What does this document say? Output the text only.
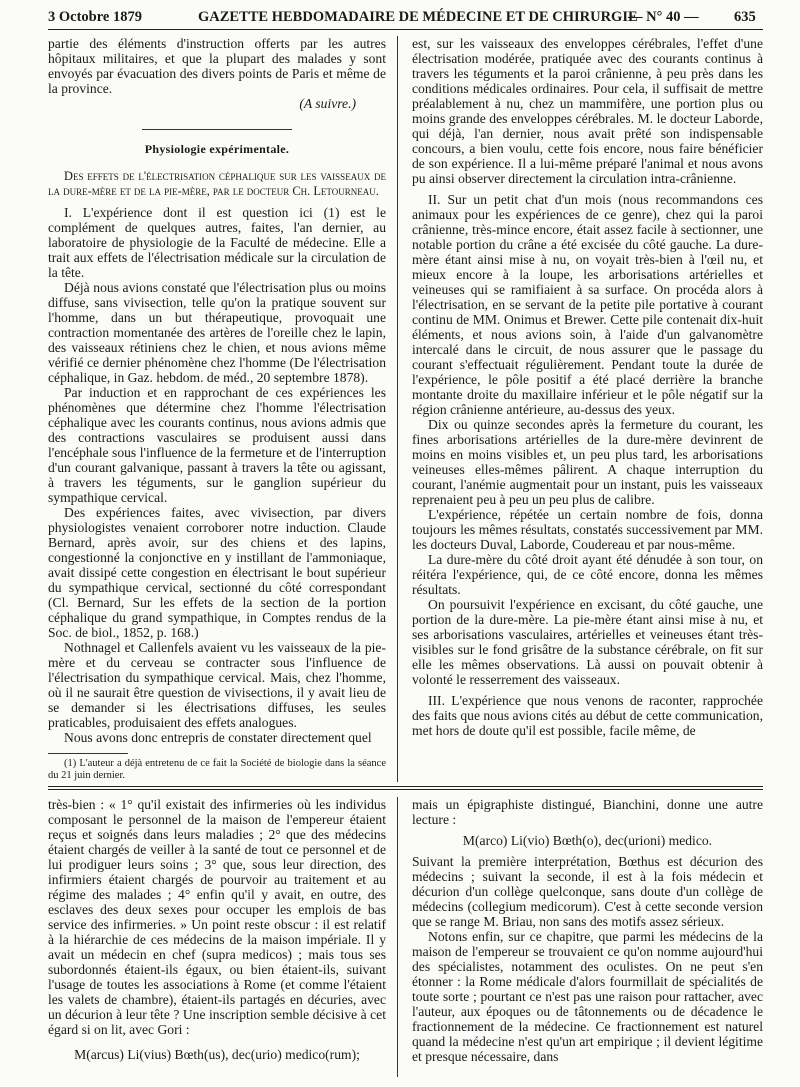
3 Octobre 1879	GAZETTE HEBDOMADAIRE DE MÉDECINE ET DE CHIRURGIE
— N° 40 — 635

partie des éléments d'instruction offerts par les autres hôpitaux militaires, et que la plupart des malades y sont envoyés par évacuation des divers points de Paris et même de la province.

(A suivre.)

Physiologie expérimentale.

Des effets de l'électrisation céphalique sur les vaisseaux de la dure-mère et de la pie-mère, par le docteur Ch. Letourneau.

I. L'expérience dont il est question ici (1) est le complément de quelques autres, faites, l'an dernier, au laboratoire de physiologie de la Faculté de médecine. Elle a trait aux effets de l'électrisation médicale sur la circulation de la tête.

Déjà nous avions constaté que l'électrisation plus ou moins diffuse, sans vivisection, telle qu'on la pratique souvent sur l'homme, dans un but thérapeutique, provoquait une contraction momentanée des artères de l'oreille chez le lapin, des vaisseaux rétiniens chez le chien, et nous avions même vérifié ce dernier phénomène chez l'homme (De l'électrisation céphalique, in Gaz. hebdom. de méd., 20 septembre 1878).

Par induction et en rapprochant de ces expériences les phénomènes que détermine chez l'homme l'électrisation céphalique avec les courants continus, nous avions admis que des contractions vasculaires se produisent aussi dans l'encéphale sous l'influence de la fermeture et de l'interruption d'un courant galvanique, passant à travers la tête ou agissant, à travers les téguments, sur le ganglion supérieur du sympathique cervical.

Des expériences faites, avec vivisection, par divers physiologistes venaient corroborer notre induction. Claude Bernard, après avoir, sur des chiens et des lapins, congestionné la conjonctive en y instillant de l'ammoniaque, avait dissipé cette congestion en électrisant le bout supérieur du sympathique cervical, sectionné du côté correspondant (Cl. Bernard, Sur les effets de la section de la portion céphalique du grand sympathique, in Comptes rendus de la Soc. de biol., 1852, p. 168.)

Nothnagel et Callenfels avaient vu les vaisseaux de la pie-mère et du cerveau se contracter sous l'influence de l'électrisation du sympathique cervical. Mais, chez l'homme, où il ne saurait être question de vivisections, il y avait lieu de se demander si les électrisations diffuses, les seules praticables, produisaient des effets analogues.

Nous avons donc entrepris de constater directement quel

(1) L'auteur a déjà entretenu de ce fait la Société de biologie dans la séance du 21 juin dernier.

est, sur les vaisseaux des enveloppes cérébrales, l'effet d'une électrisation modérée, pratiquée avec des courants continus à travers les téguments et la paroi crânienne, à peu près dans les conditions médicales ordinaires. Pour cela, il suffisait de mettre préalablement à nu, chez un mammifère, une portion plus ou moins grande des enveloppes cérébrales. M. le docteur Laborde, qui déjà, l'an dernier, nous avait prêté son indispensable concours, a bien voulu, cette fois encore, nous faire bénéficier de son expérience. Il a lui-même préparé l'animal et nous avons pu ainsi observer directement la circulation intra-crânienne.

II. Sur un petit chat d'un mois (nous recommandons ces animaux pour les expériences de ce genre), chez qui la paroi crânienne, très-mince encore, était assez facile à sectionner, une notable portion du crâne a été excisée du côté gauche. La dure-mère étant ainsi mise à nu, on voyait très-bien à l'œil nu, et mieux encore à la loupe, les arborisations artérielles et veineuses qui se ramifiaient à sa surface. On procéda alors à l'électrisation, en se servant de la petite pile portative à courant continu de MM. Onimus et Brewer. Cette pile contenait dix-huit éléments, et nous avions soin, à l'aide d'un galvanomètre intercalé dans le circuit, de nous assurer que le passage du courant s'effectuait régulièrement. Pendant toute la durée de l'expérience, le pôle positif a été placé derrière la branche montante droite du maxillaire inférieur et le pôle négatif sur la région crânienne antérieure, au-dessus des yeux.

Dix ou quinze secondes après la fermeture du courant, les fines arborisations artérielles de la dure-mère devinrent de moins en moins visibles et, un peu plus tard, les arborisations veineuses elles-mêmes pâlirent. A chaque interruption du courant, l'anémie augmentait pour un instant, puis les vaisseaux reprenaient peu à peu un peu plus de calibre.

L'expérience, répétée un certain nombre de fois, donna toujours les mêmes résultats, constatés successivement par MM. les docteurs Duval, Laborde, Coudereau et par nous-même.

La dure-mère du côté droit ayant été dénudée à son tour, on réitéra l'expérience, qui, de ce côté encore, donna les mêmes résultats.

On poursuivit l'expérience en excisant, du côté gauche, une portion de la dure-mère. La pie-mère étant ainsi mise à nu, et ses arborisations vasculaires, artérielles et veineuses étant très-visibles sur le fond grisâtre de la substance cérébrale, on fit sur elle les mêmes observations. Là aussi on pouvait obtenir à volonté le resserrement des vaisseaux.

III. L'expérience que nous venons de raconter, rapprochée des faits que nous avions cités au début de cette communication, met hors de doute qu'il est possible, facile même, de

très-bien : « 1° qu'il existait des infirmeries où les individus composant le personnel de la maison de l'empereur étaient reçus et soignés dans leurs maladies ; 2° que des médecins étaient chargés de veiller à la santé de tout ce personnel et de lui prodiguer leurs soins ; 3° que, sous leur direction, des infirmiers étaient chargés de pourvoir au traitement et au régime des malades ; 4° enfin qu'il y avait, en outre, des esclaves des deux sexes pour occuper les emplois de bas service des infirmeries. » Un point reste obscur : il est relatif à la hiérarchie de ces médecins de la maison impériale. Il y avait un médecin en chef (supra medicos) ; mais tous ses subordonnés étaient-ils égaux, ou bien étaient-ils, suivant l'usage de toutes les associations à Rome (et comme l'étaient les valets de chambre), étaient-ils partagés en décuries, avec un décurion à leur tête ? Une inscription semble décisive à cet égard si on lit, avec Gori :

M(arcus) Li(vius) Bœth(us), dec(urio) medico(rum);

mais un épigraphiste distingué, Bianchini, donne une autre lecture :

M(arco) Li(vio) Bœth(o), dec(urioni) medico.

Suivant la première interprétation, Bœthus est décurion des médecins ; suivant la seconde, il est à la fois médecin et décurion d'un collège quelconque, sans doute d'un collège de médecins (collegium medicorum). C'est à cette seconde version que se range M. Briau, non sans des motifs assez sérieux.

Notons enfin, sur ce chapitre, que parmi les médecins de la maison de l'empereur se trouvaient ce qu'on nomme aujourd'hui des spécialistes, notamment des oculistes. On ne peut s'en étonner : la Rome médicale d'alors fourmillait de spécialités de toute sorte ; pourtant ce n'est pas une raison pour rattacher, avec l'auteur, aux époques ou de tâtonnements ou de décadence le fractionnement de la médecine. Ce fractionnement est naturel quand la médecine n'est qu'un art empirique ; il devient légitime et presque nécessaire, dans
